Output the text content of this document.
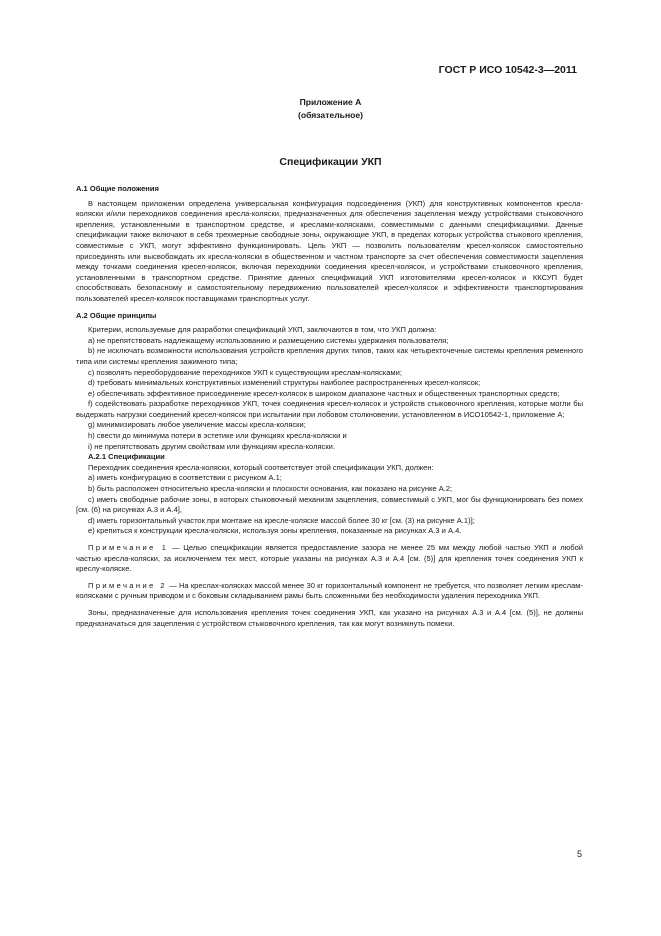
ГОСТ Р ИСО 10542-3—2011
Приложение А
(обязательное)
Спецификации УКП

А.1 Общие положения

В настоящем приложении определена универсальная конфигурация подсоединения (УКП) для конструктивных компонентов кресла-коляски и/или переходников соединения кресла-коляски, предназначенных для обеспечения зацепления между устройствами стыковочного крепления, установленными в транспортном средстве, и креслами-колясками, совместимыми с данными спецификациями. Данные спецификации также включают в себя трехмерные свободные зоны, окружающие УКП, в пределах которых устройства стыкового крепления, совместимые с УКП, могут эффективно функционировать. Цель УКП — позволить пользователям кресел-колясок самостоятельно присоединять или высвобождать их кресла-коляски в общественном и частном транспорте за счет обеспечения совместимости зацепления между точками соединения кресел-колясок, включая переходники соединения кресел-колясок, и устройствами стыковочного крепления, установленными в транспортном средстве. Принятие данных спецификаций УКП изготовителями кресел-колясок и ККСУП будет способствовать безопасному и самостоятельному передвижению пользователей кресел-колясок и эффективности транспортирования пользователей кресел-колясок поставщиками транспортных услуг.

А.2 Общие принципы

Критерии, используемые для разработки спецификаций УКП, заключаются в том, что УКП должна:

а) не препятствовать надлежащему использованию и размещению системы удержания пользователя;

b) не исключать возможности использования устройств крепления других типов, таких как четырехточечные системы крепления ременного типа или системы крепления зажимного типа;

c) позволять переоборудование переходников УКП к существующим креслам-колясками;

d) требовать минимальных конструктивных изменений структуры наиболее распространенных кресел-колясок;

e) обеспечивать эффективное присоединение кресел-колясок в широком диапазоне частных и общественных транспортных средств;

f) содействовать разработке переходников УКП, точек соединения кресел-колясок и устройств стыковочного крепления, которые могли бы выдержать нагрузки соединений кресел-колясок при испытании при лобовом столкновении, установленном в ИСО10542-1, приложение А;

g) минимизировать любое увеличение массы кресла-коляски;

h) свести до минимума потери в эстетике или функциях кресла-коляски и

i) не препятствовать другим свойствам или функциям кресла-коляски.

А.2.1 Спецификации

Переходник соединения кресла-коляски, который соответствует этой спецификации УКП, должен:

a) иметь конфигурацию в соответствии с рисунком А.1;

b) быть расположен относительно кресла-коляски и плоскости основания, как показано на рисунке А.2;

c) иметь свободные рабочие зоны, в которых стыковочный механизм зацепления, совместимый с УКП, мог бы функционировать без помех [см. (6) на рисунках А.3 и А.4],

d) иметь горизонтальный участок при монтаже на кресле-коляске массой более 30 кг [см. (3) на рисунке А.1)];

e) крепиться к конструкции кресла-коляски, используя зоны крепления, показанные на рисунках А.3 и А.4.

Примечание 1 — Целью спецификации является предоставление зазора не менее 25 мм между любой частью УКП и любой частью кресла-коляски, за исключением тех мест, которые указаны на рисунках А.3 и А.4 [см. (5)] для крепления точек соединения УКП к креслу-коляске.

Примечание 2 — На креслах-колясках массой менее 30 кг горизонтальный компонент не требуется, что позволяет легким креслам-колясками с ручным приводом и с боковым складыванием рамы быть сложенными без необходимости удаления переходника УКП.

Зоны, предназначенные для использования крепления точек соединения УКП, как указано на рисунках А.3 и А.4 [см. (5)], не должны предназначаться для зацепления с устройством стыковочного крепления, так как могут возникнуть помехи.

5
